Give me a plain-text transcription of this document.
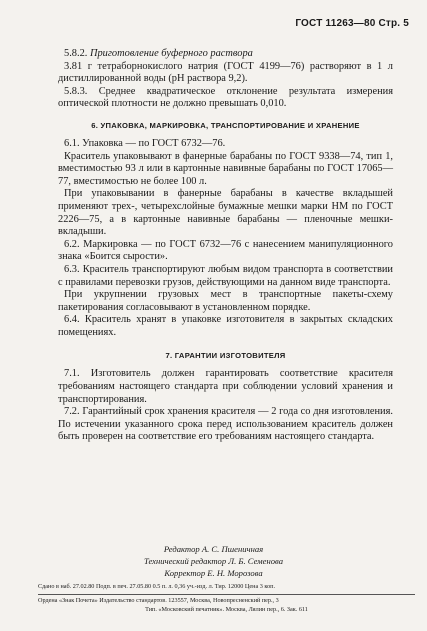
ГОСТ 11263—80 Стр. 5

5.8.2. Приготовление буферного раствора

3.81 г тетраборнокислого натрия (ГОСТ 4199—76) растворяют в 1 л дистиллированной воды (рН раствора 9,2).

5.8.3. Среднее квадратическое отклонение результата измерения оптической плотности не должно превышать 0,010.

6. УПАКОВКА, МАРКИРОВКА, ТРАНСПОРТИРОВАНИЕ И ХРАНЕНИЕ

6.1. Упаковка — по ГОСТ 6732—76.

Краситель упаковывают в фанерные барабаны по ГОСТ 9338—74, тип 1, вместимостью 93 л или в картонные навивные барабаны по ГОСТ 17065—77, вместимостью не более 100 л.

При упаковывании в фанерные барабаны в качестве вкладышей применяют трех-, четырехслойные бумажные мешки марки НМ по ГОСТ 2226—75, а в картонные навивные барабаны — пленочные мешки-вкладыши.

6.2. Маркировка — по ГОСТ 6732—76 с нанесением манипуляционного знака «Боится сырости».

6.3. Краситель транспортируют любым видом транспорта в соответствии с правилами перевозки грузов, действующими на данном виде транспорта.

При укрупнении грузовых мест в транспортные пакеты-схему пакетирования согласовывают в установленном порядке.

6.4. Краситель хранят в упаковке изготовителя в закрытых складских помещениях.

7. ГАРАНТИИ ИЗГОТОВИТЕЛЯ

7.1. Изготовитель должен гарантировать соответствие красителя требованиям настоящего стандарта при соблюдении условий хранения и транспортирования.

7.2. Гарантийный срок хранения красителя — 2 года со дня изготовления. По истечении указанного срока перед использованием краситель должен быть проверен на соответствие его требованиям настоящего стандарта.

Редактор А. С. Пшеничная
Технический редактор Л. Б. Семенова
Корректор Е. Н. Морозова
Сдано в наб. 27.02.80 Подп. в печ. 27.05.80 0.5 п. л. 0,36 уч.-изд. л. Тир. 12000 Цена 3 коп.
Ордена «Знак Почета» Издательство стандартов. 123557, Москва, Новопресненский пер., 3
Тип. «Московский печатник». Москва, Лялин пер., 6. Зак. 611
